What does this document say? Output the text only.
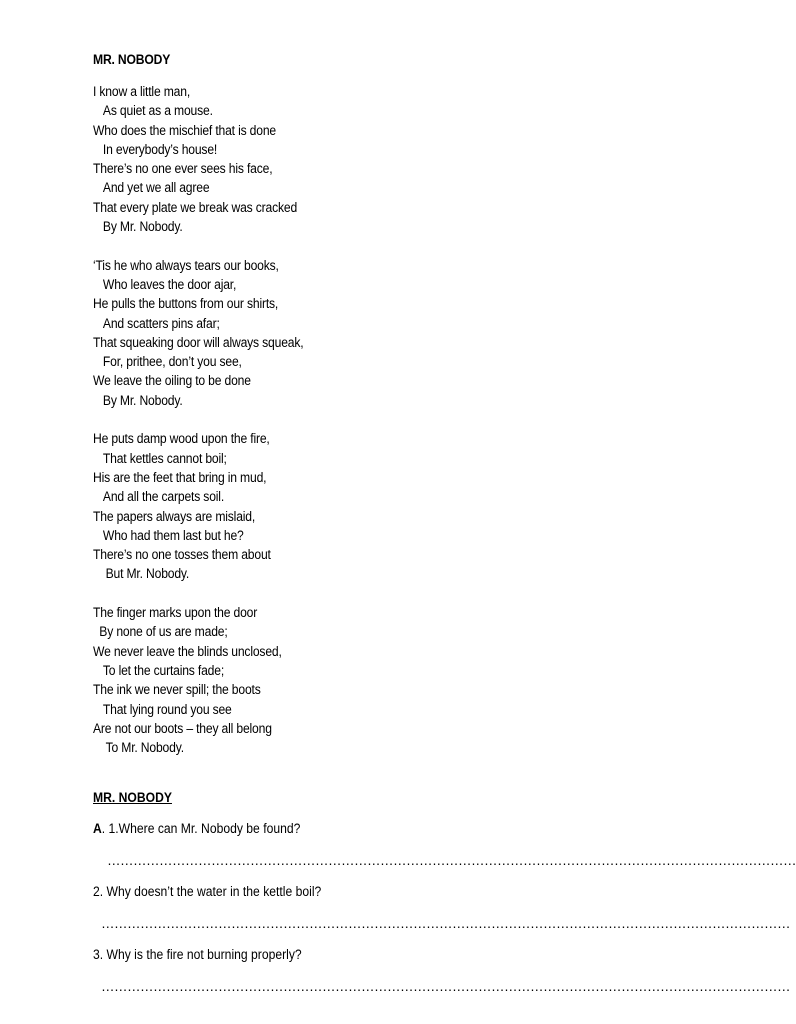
MR. NOBODY
I know a little man,
As quiet as a mouse.
Who does the mischief that is done
In everybody’s house!
There’s no one ever sees his face,
And yet we all agree
That every plate we break was cracked
By Mr. Nobody.
‘Tis he who always tears our books,
Who leaves the door ajar,
He pulls the buttons from our shirts,
And scatters pins afar;
That squeaking door will always squeak,
For, prithee, don’t you see,
We leave the oiling to be done
By Mr. Nobody.
He puts damp wood upon the fire,
That kettles cannot boil;
His are the feet that bring in mud,
And all the carpets soil.
The papers always are mislaid,
Who had them last but he?
There’s no one tosses them about
But Mr. Nobody.
The finger marks upon the door
By none of us are made;
We never leave the blinds unclosed,
To let the curtains fade;
The ink we never spill; the boots
That lying round you see
Are not our boots – they all belong
To Mr. Nobody.
MR. NOBODY
A. 1.Where can Mr. Nobody be found?
……………………………………………………………………………………………………………………………………………
2. Why doesn’t the water in the kettle boil?
……………………………………………………………………………………………………………………………………………
3. Why is the fire not burning properly?
……………………………………………………………………………………………………………………………………………
